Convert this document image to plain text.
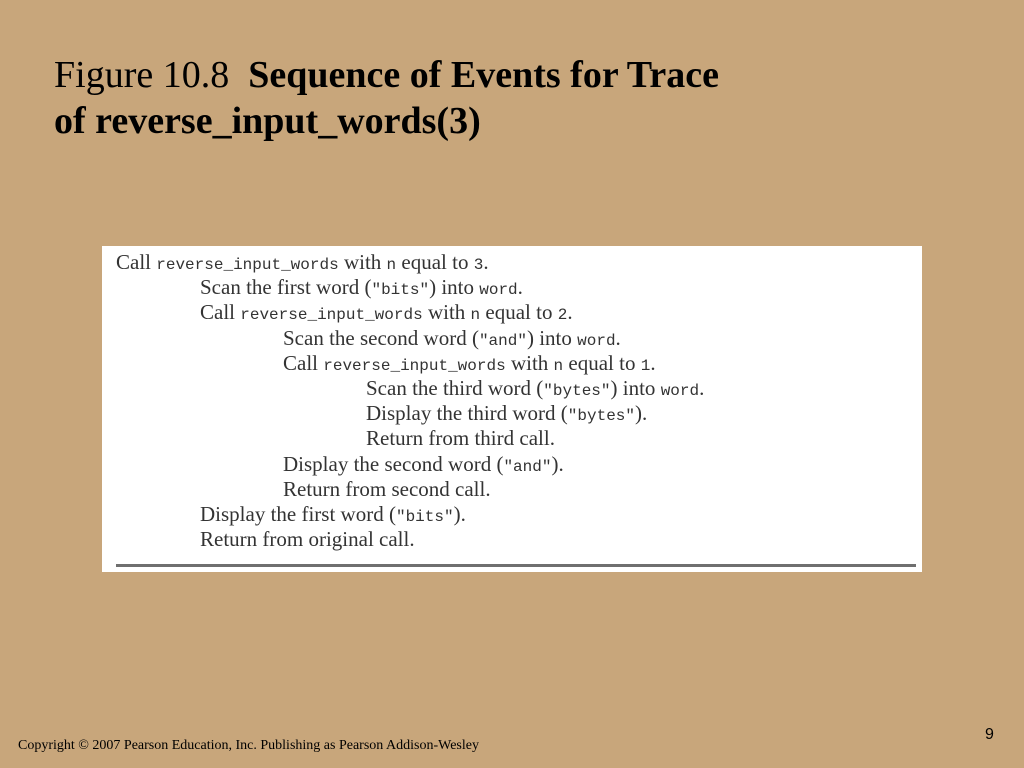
Figure 10.8 Sequence of Events for Trace
of reverse_input_words(3)
Call reverse_input_words with n equal to 3.
Scan the first word ("bits") into word.
Call reverse_input_words with n equal to 2.
Scan the second word ("and") into word.
Call reverse_input_words with n equal to 1.
Scan the third word ("bytes") into word.
Display the third word ("bytes").
Return from third call.
Display the second word ("and").
Return from second call.
Display the first word ("bits").
Return from original call.
Copyright © 2007 Pearson Education, Inc. Publishing as Pearson Addison-Wesley
9
